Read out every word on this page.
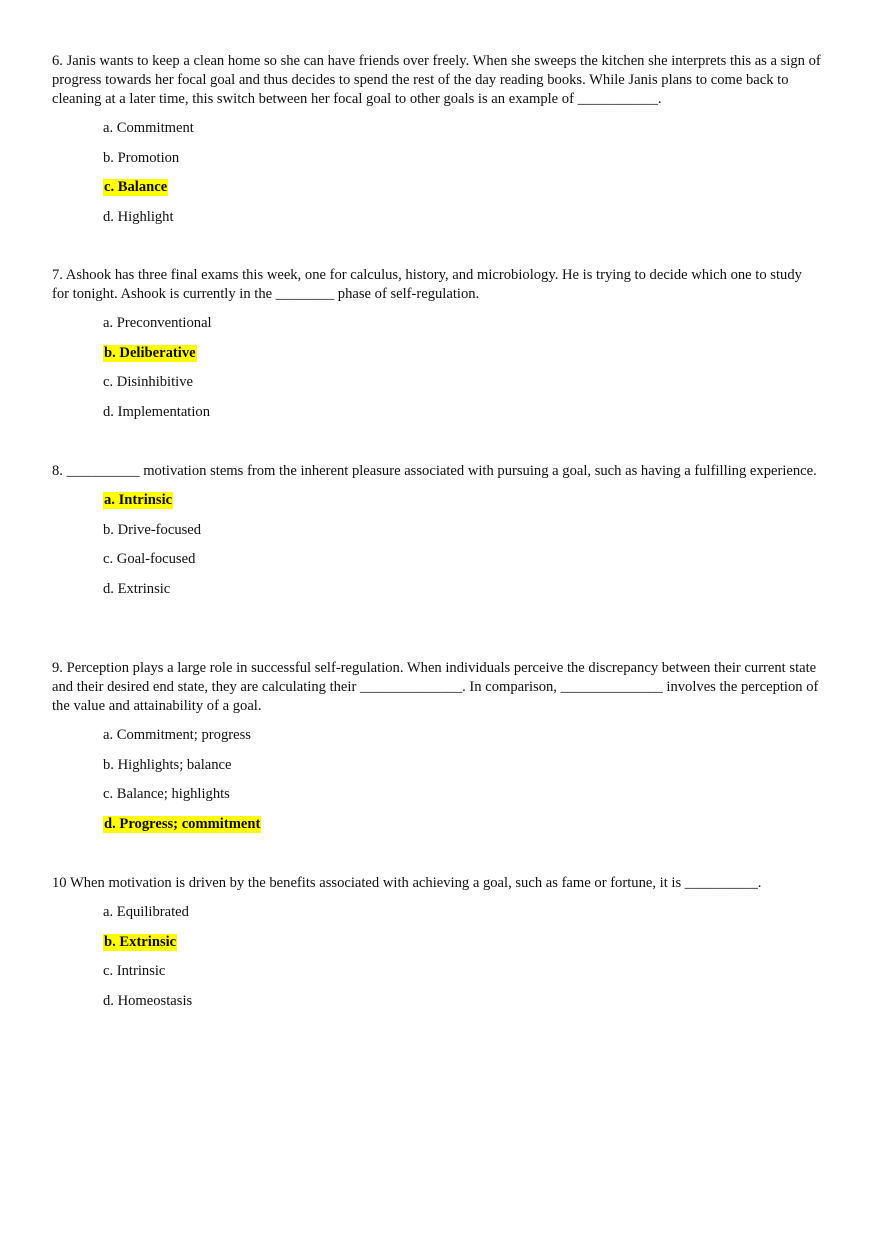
6. Janis wants to keep a clean home so she can have friends over freely. When she sweeps the kitchen she interprets this as a sign of progress towards her focal goal and thus decides to spend the rest of the day reading books. While Janis plans to come back to cleaning at a later time, this switch between her focal goal to other goals is an example of ___________.

a. Commitment
b. Promotion
c. Balance
d. Highlight

7. Ashook has three final exams this week, one for calculus, history, and microbiology. He is trying to decide which one to study for tonight. Ashook is currently in the ________ phase of self-regulation.

a. Preconventional
b. Deliberative
c. Disinhibitive
d. Implementation

8. __________ motivation stems from the inherent pleasure associated with pursuing a goal, such as having a fulfilling experience.

a. Intrinsic
b. Drive-focused
c. Goal-focused
d. Extrinsic

9. Perception plays a large role in successful self-regulation. When individuals perceive the discrepancy between their current state and their desired end state, they are calculating their ______________. In comparison, ______________ involves the perception of the value and attainability of a goal.

a. Commitment; progress
b. Highlights; balance
c. Balance; highlights
d. Progress; commitment

10 When motivation is driven by the benefits associated with achieving a goal, such as fame or fortune, it is __________.

a. Equilibrated
b. Extrinsic
c. Intrinsic
d. Homeostasis
